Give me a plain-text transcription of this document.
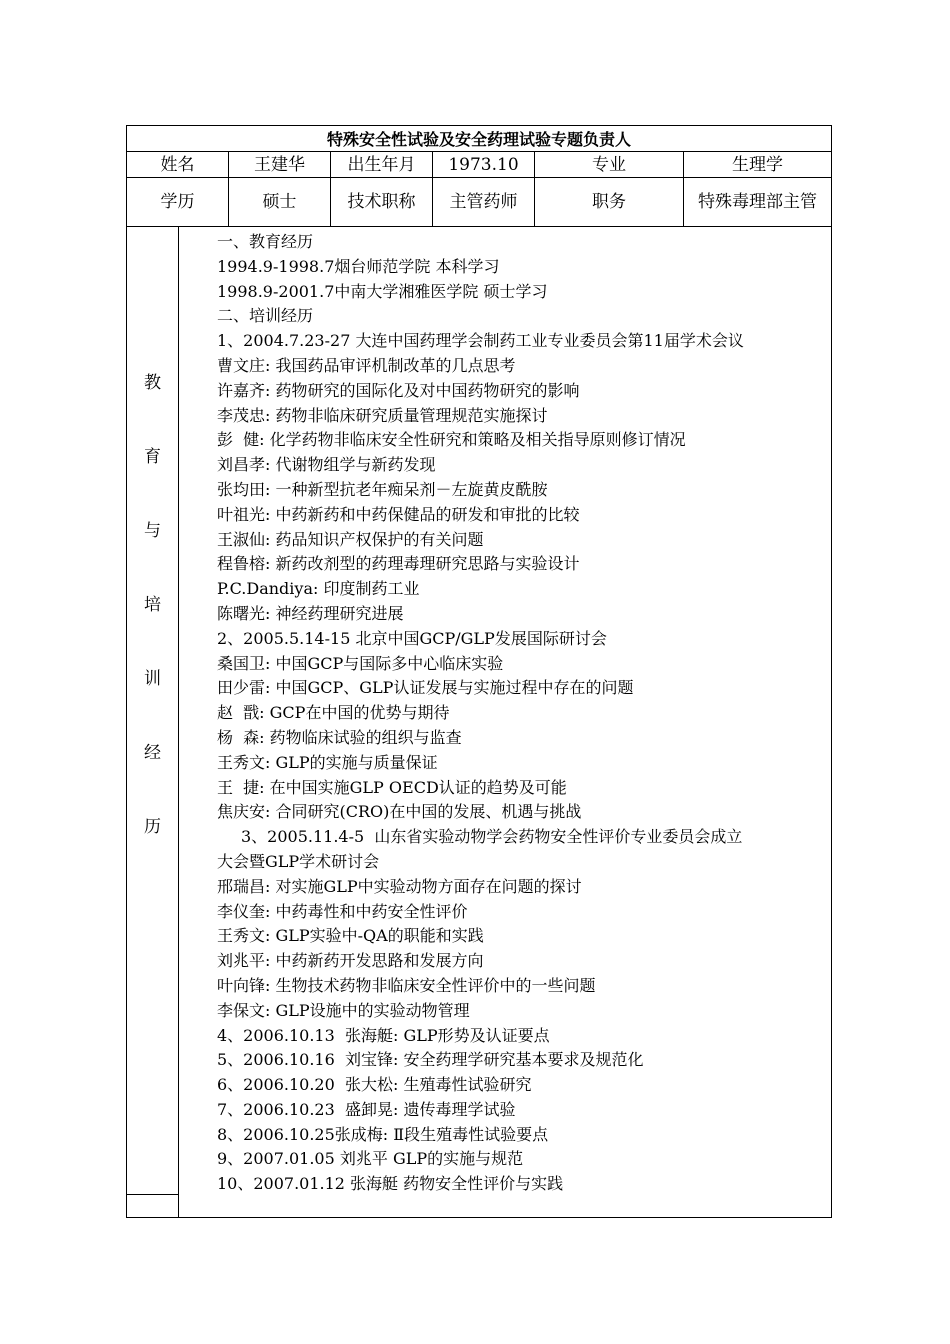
特殊安全性试验及安全药理试验专题负责人
姓名	王建华	出生年月	1973.10	专业	生理学
学历	硕士	技术职称	主管药师	职务	特殊毒理部主管
教
育
与
培
训
经
历
一、教育经历
1994.9-1998.7烟台师范学院 本科学习
1998.9-2001.7中南大学湘雅医学院 硕士学习
二、培训经历
1、2004.7.23-27 大连中国药理学会制药工业专业委员会第11届学术会议
曹文庄: 我国药品审评机制改革的几点思考
许嘉齐: 药物研究的国际化及对中国药物研究的影响
李茂忠: 药物非临床研究质量管理规范实施探讨
彭  健: 化学药物非临床安全性研究和策略及相关指导原则修订情况
刘昌孝: 代谢物组学与新药发现
张均田: 一种新型抗老年痴呆剂－左旋黄皮酰胺
叶祖光: 中药新药和中药保健品的研发和审批的比较
王淑仙: 药品知识产权保护的有关问题
程鲁榕: 新药改剂型的药理毒理研究思路与实验设计
P.C.Dandiya: 印度制药工业
陈曙光: 神经药理研究进展
2、2005.5.14-15 北京中国GCP/GLP发展国际研讨会
桑国卫: 中国GCP与国际多中心临床实验
田少雷: 中国GCP、GLP认证发展与实施过程中存在的问题
赵  戬: GCP在中国的优势与期待
杨  森: 药物临床试验的组织与监查
王秀文: GLP的实施与质量保证
王  捷: 在中国实施GLP OECD认证的趋势及可能
焦庆安: 合同研究(CRO)在中国的发展、机遇与挑战
3、2005.11.4-5  山东省实验动物学会药物安全性评价专业委员会成立
大会暨GLP学术研讨会
邢瑞昌: 对实施GLP中实验动物方面存在问题的探讨
李仪奎: 中药毒性和中药安全性评价
王秀文: GLP实验中-QA的职能和实践
刘兆平: 中药新药开发思路和发展方向
叶向锋: 生物技术药物非临床安全性评价中的一些问题
李保文: GLP设施中的实验动物管理
4、2006.10.13  张海艇: GLP形势及认证要点
5、2006.10.16  刘宝锋: 安全药理学研究基本要求及规范化
6、2006.10.20  张大松: 生殖毒性试验研究
7、2006.10.23  盛卸晃: 遗传毒理学试验
8、2006.10.25张成梅: Ⅱ段生殖毒性试验要点
9、2007.01.05 刘兆平 GLP的实施与规范
10、2007.01.12 张海艇 药物安全性评价与实践
